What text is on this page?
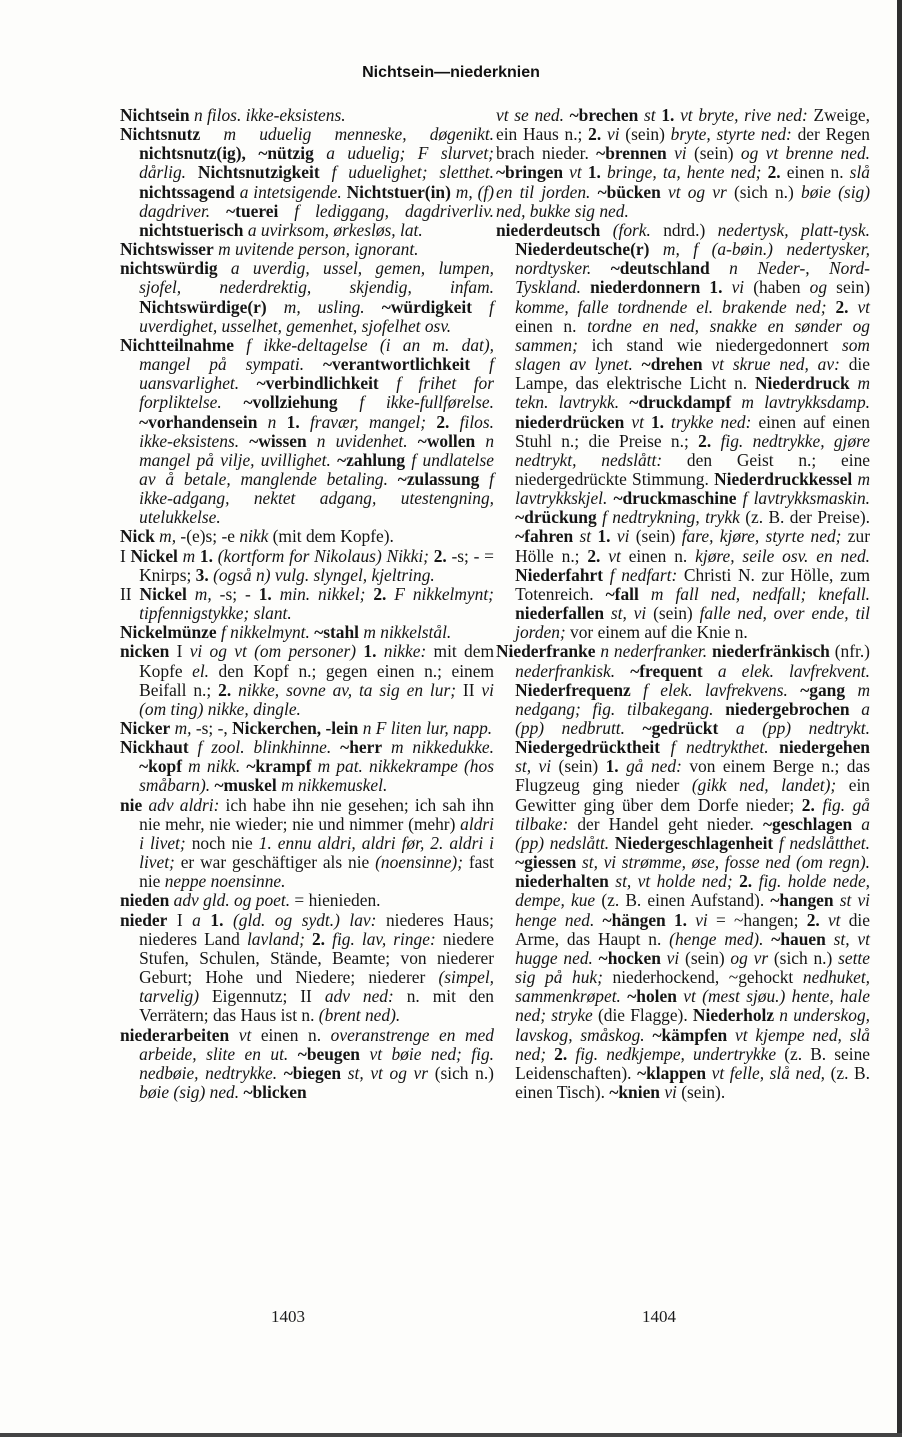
Nichtsein—niederknien

Nichtsein n filos. ikke-eksistens.

Nichtsnutz m uduelig menneske, døgenikt. nichtsnutz(ig), ~nützig a uduelig; F slurvet; dårlig. Nichtsnutzigkeit f uduelighet; sletthet. nichtssagend a intetsigende. Nichtstuer(in) m, (f) dagdriver. ~tuerei f lediggang, dagdriverliv. nichtstuerisch a uvirksom, ørkesløs, lat.

Nichtswisser m uvitende person, ignorant.

nichtswürdig a uverdig, ussel, gemen, lumpen, sjofel, nederdrektig, skjendig, infam. Nichtswürdige(r) m, usling. ~würdigkeit f uverdighet, usselhet, gemenhet, sjofelhet osv.

Nichtteilnahme f ikke-deltagelse (i an m. dat), mangel på sympati. ~verantwortlichkeit f uansvarlighet. ~verbindlichkeit f frihet for forpliktelse. ~vollziehung f ikke-fullførelse. ~vorhandensein n 1. fravær, mangel; 2. filos. ikke-eksistens. ~wissen n uvidenhet. ~wollen n mangel på vilje, uvillighet. ~zahlung f undlatelse av å betale, manglende betaling. ~zulassung f ikke-adgang, nektet adgang, utestengning, utelukkelse.

Nick m, -(e)s; -e nikk (mit dem Kopfe).

I Nickel m 1. (kortform for Nikolaus) Nikki; 2. -s; - = Knirps; 3. (også n) vulg. slyngel, kjeltring.

II Nickel m, -s; - 1. min. nikkel; 2. F nikkelmynt; tipfennigstykke; slant.

Nickelmünze f nikkelmynt. ~stahl m nikkelstål.

nicken I vi og vt (om personer) 1. nikke: mit dem Kopfe el. den Kopf n.; gegen einen n.; einem Beifall n.; 2. nikke, sovne av, ta sig en lur; II vi (om ting) nikke, dingle.

Nicker m, -s; -, Nickerchen, -lein n F liten lur, napp.

Nickhaut f zool. blinkhinne. ~herr m nikkedukke. ~kopf m nikk. ~krampf m pat. nikkekrampe (hos småbarn). ~muskel m nikkemuskel.

nie adv aldri: ich habe ihn nie gesehen; ich sah ihn nie mehr, nie wieder; nie und nimmer (mehr) aldri i livet; noch nie 1. ennu aldri, aldri før, 2. aldri i livet; er war geschäftiger als nie (noensinne); fast nie neppe noensinne.

nieden adv gld. og poet. = hienieden.

nieder I a 1. (gld. og sydt.) lav: niederes Haus; niederes Land lavland; 2. fig. lav, ringe: niedere Stufen, Schulen, Stände, Beamte; von niederer Geburt; Hohe und Niedere; niederer (simpel, tarvelig) Eigennutz; II adv ned: n. mit den Verrätern; das Haus ist n. (brent ned).

niederarbeiten vt einen n. overanstrenge en med arbeide, slite en ut. ~beugen vt bøie ned; fig. nedbøie, nedtrykke. ~biegen st, vt og vr (sich n.) bøie (sig) ned. ~blicken

vt se ned. ~brechen st 1. vt bryte, rive ned: Zweige, ein Haus n.; 2. vi (sein) bryte, styrte ned: der Regen brach nieder. ~brennen vi (sein) og vt brenne ned. ~bringen vt 1. bringe, ta, hente ned; 2. einen n. slå en til jorden. ~bücken vt og vr (sich n.) bøie (sig) ned, bukke sig ned.

niederdeutsch (fork. ndrd.) nedertysk, platt-tysk. Niederdeutsche(r) m, f (a-bøin.) nedertysker, nordtysker. ~deutschland n Neder-, Nord-Tyskland. niederdonnern 1. vi (haben og sein) komme, falle tordnende el. brakende ned; 2. vt einen n. tordne en ned, snakke en sønder og sammen; ich stand wie niedergedonnert som slagen av lynet. ~drehen vt skrue ned, av: die Lampe, das elektrische Licht n. Niederdruck m tekn. lavtrykk. ~druckdampf m lavtrykksdamp. niederdrücken vt 1. trykke ned: einen auf einen Stuhl n.; die Preise n.; 2. fig. nedtrykke, gjøre nedtrykt, nedslått: den Geist n.; eine niedergedrückte Stimmung. Niederdruckkessel m lavtrykkskjel. ~druckmaschine f lavtrykksmaskin. ~drückung f nedtrykning, trykk (z. B. der Preise). ~fahren st 1. vi (sein) fare, kjøre, styrte ned; zur Hölle n.; 2. vt einen n. kjøre, seile osv. en ned. Niederfahrt f nedfart: Christi N. zur Hölle, zum Totenreich. ~fall m fall ned, nedfall; knefall. niederfallen st, vi (sein) falle ned, over ende, til jorden; vor einem auf die Knie n.

Niederfranke n nederfranker. niederfränkisch (nfr.) nederfrankisk. ~frequent a elek. lavfrekvent. Niederfrequenz f elek. lavfrekvens. ~gang m nedgang; fig. tilbakegang. niedergebrochen a (pp) nedbrutt. ~gedrückt a (pp) nedtrykt. Niedergedrücktheit f nedtrykthet. niedergehen st, vi (sein) 1. gå ned: von einem Berge n.; das Flugzeug ging nieder (gikk ned, landet); ein Gewitter ging über dem Dorfe nieder; 2. fig. gå tilbake: der Handel geht nieder. ~geschlagen a (pp) nedslått. Niedergeschlagenheit f nedslåtthet. ~giessen st, vi strømme, øse, fosse ned (om regn). niederhalten st, vt holde ned; 2. fig. holde nede, dempe, kue (z. B. einen Aufstand). ~hangen st vi henge ned. ~hängen 1. vi = ~hangen; 2. vt die Arme, das Haupt n. (henge med). ~hauen st, vt hugge ned. ~hocken vi (sein) og vr (sich n.) sette sig på huk; niederhockend, ~gehockt nedhuket, sammenkrøpet. ~holen vt (mest sjøu.) hente, hale ned; stryke (die Flagge). Niederholz n underskog, lavskog, småskog. ~kämpfen vt kjempe ned, slå ned; 2. fig. nedkjempe, undertrykke (z. B. seine Leidenschaften). ~klappen vt felle, slå ned, (z. B. einen Tisch). ~knien vi (sein).

1403	1404
